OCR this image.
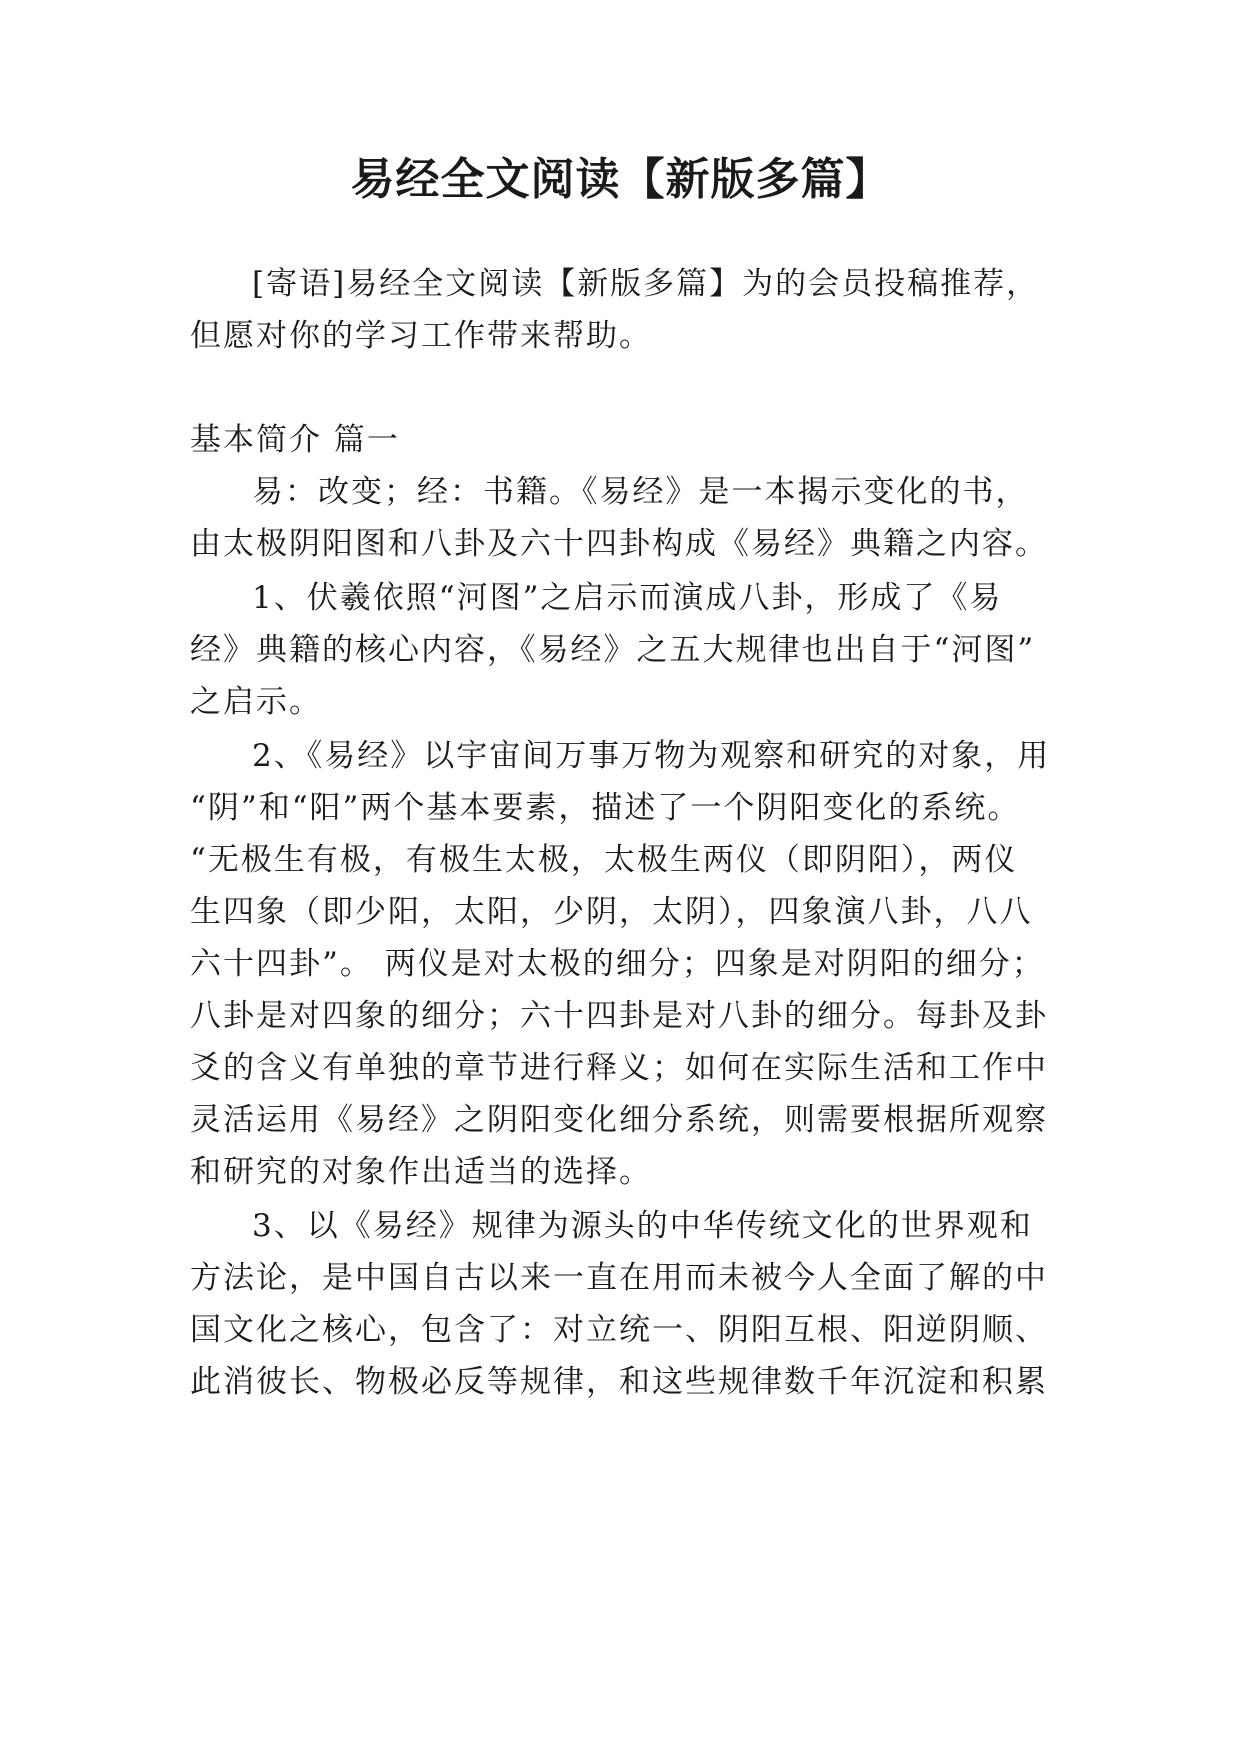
易经全文阅读【新版多篇】
[寄语]易经全文阅读【新版多篇】为的会员投稿推荐，
但愿对你的学习工作带来帮助。
基本简介 篇一
易：改变；经：书籍。《易经》是一本揭示变化的书，
由太极阴阳图和八卦及六十四卦构成《易经》典籍之内容。
1、伏羲依照“河图”之启示而演成八卦，形成了《易
经》典籍的核心内容，《易经》之五大规律也出自于“河图”
之启示。
2、《易经》以宇宙间万事万物为观察和研究的对象，用
“阴”和“阳”两个基本要素，描述了一个阴阳变化的系统。
“无极生有极，有极生太极，太极生两仪（即阴阳），两仪
生四象（即少阳，太阳，少阴，太阴），四象演八卦，八八
六十四卦”。 两仪是对太极的细分；四象是对阴阳的细分；
八卦是对四象的细分；六十四卦是对八卦的细分。每卦及卦
爻的含义有单独的章节进行释义；如何在实际生活和工作中
灵活运用《易经》之阴阳变化细分系统，则需要根据所观察
和研究的对象作出适当的选择。
3、以《易经》规律为源头的中华传统文化的世界观和
方法论，是中国自古以来一直在用而未被今人全面了解的中
国文化之核心，包含了：对立统一、阴阳互根、阳逆阴顺、
此消彼长、物极必反等规律，和这些规律数千年沉淀和积累
